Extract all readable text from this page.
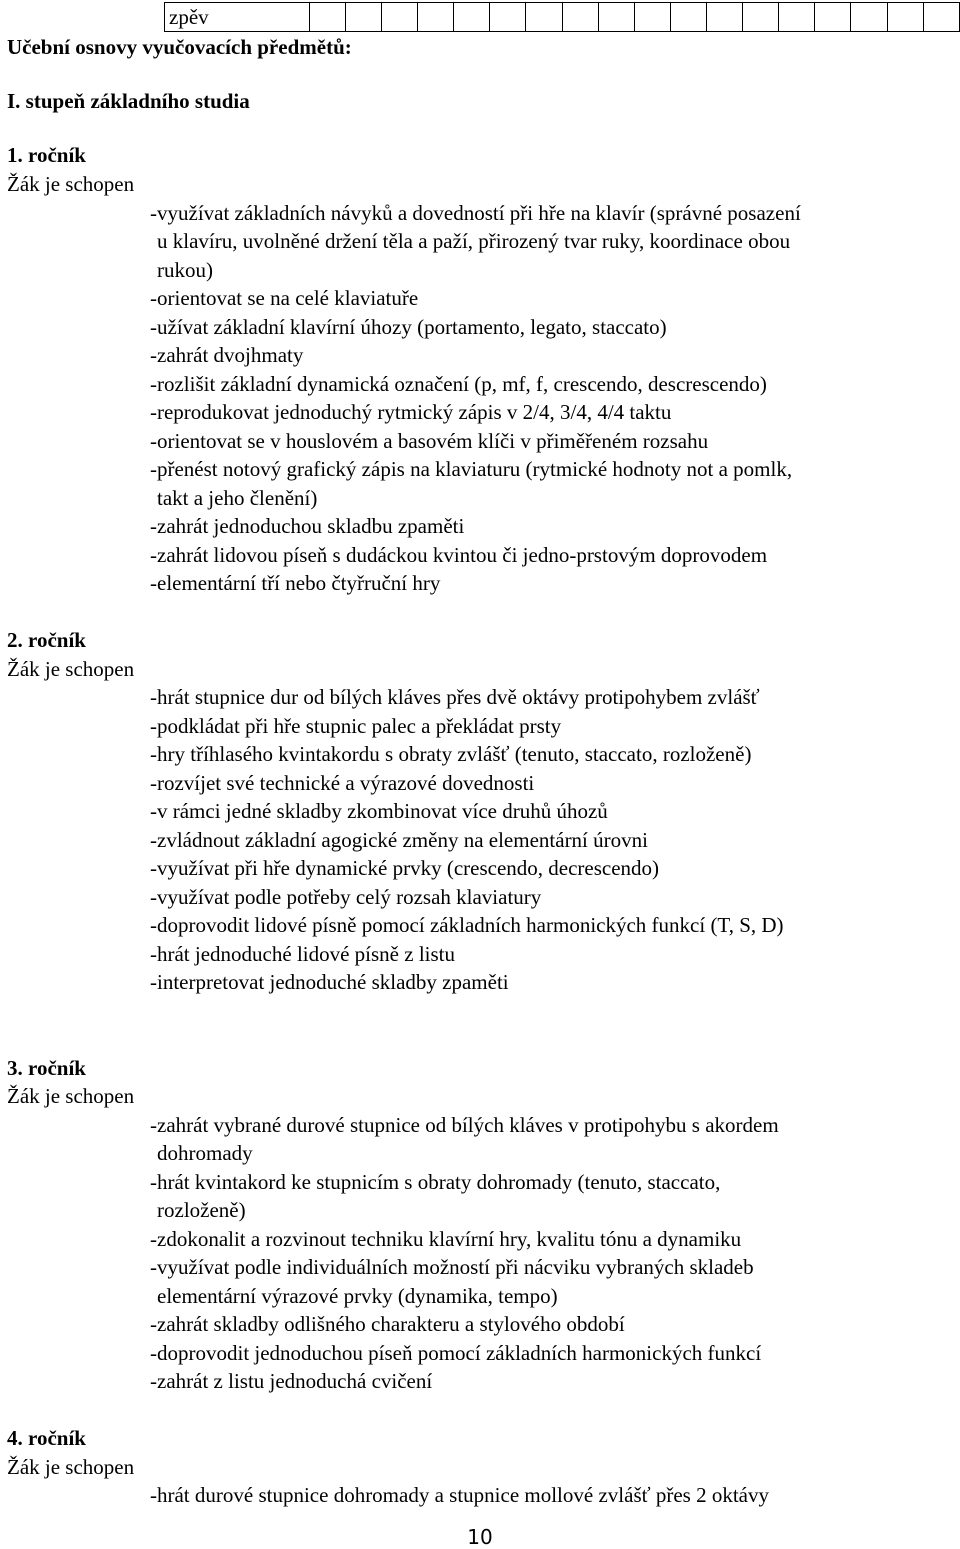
zpěv																		
Učební osnovy vyučovacích předmětů:
I. stupeň základního studia
1. ročník
Žák je schopen
-využívat základních návyků a dovedností při hře na klavír (správné posazení
u klavíru, uvolněné držení těla a paží, přirozený tvar ruky, koordinace obou
rukou)
-orientovat se na celé klaviatuře
-užívat základní klavírní úhozy (portamento, legato, staccato)
-zahrát dvojhmaty
-rozlišit základní dynamická označení (p, mf, f, crescendo, descrescendo)
-reprodukovat jednoduchý rytmický zápis v 2/4, 3/4, 4/4 taktu
-orientovat se v houslovém a basovém klíči v přiměřeném rozsahu
-přenést notový grafický zápis na klaviaturu (rytmické hodnoty not a pomlk,
takt a jeho členění)
-zahrát jednoduchou skladbu zpaměti
-zahrát lidovou píseň s dudáckou kvintou či jedno-prstovým doprovodem
-elementární tří nebo čtyřruční hry
2. ročník
Žák je schopen
-hrát stupnice dur od bílých kláves přes dvě oktávy protipohybem zvlášť
-podkládat při hře stupnic palec a překládat prsty
-hry tříhlasého kvintakordu s obraty zvlášť (tenuto, staccato, rozloženě)
-rozvíjet své technické a výrazové dovednosti
-v rámci jedné skladby zkombinovat více druhů úhozů
-zvládnout základní agogické změny na elementární úrovni
-využívat při hře dynamické prvky (crescendo, decrescendo)
-využívat podle potřeby celý rozsah klaviatury
-doprovodit lidové písně pomocí základních harmonických funkcí (T, S, D)
-hrát jednoduché lidové písně z listu
-interpretovat jednoduché skladby zpaměti
3. ročník
Žák je schopen
-zahrát vybrané durové stupnice od bílých kláves v protipohybu s akordem
dohromady
-hrát kvintakord ke stupnicím s obraty dohromady (tenuto, staccato,
rozloženě)
-zdokonalit a rozvinout techniku klavírní hry, kvalitu tónu a dynamiku
-využívat podle individuálních možností při nácviku vybraných skladeb
elementární výrazové prvky (dynamika, tempo)
-zahrát skladby odlišného charakteru a stylového období
-doprovodit jednoduchou píseň pomocí základních harmonických funkcí
-zahrát z listu jednoduchá cvičení
4. ročník
Žák je schopen
-hrát durové stupnice dohromady a stupnice mollové zvlášť přes 2 oktávy
10
